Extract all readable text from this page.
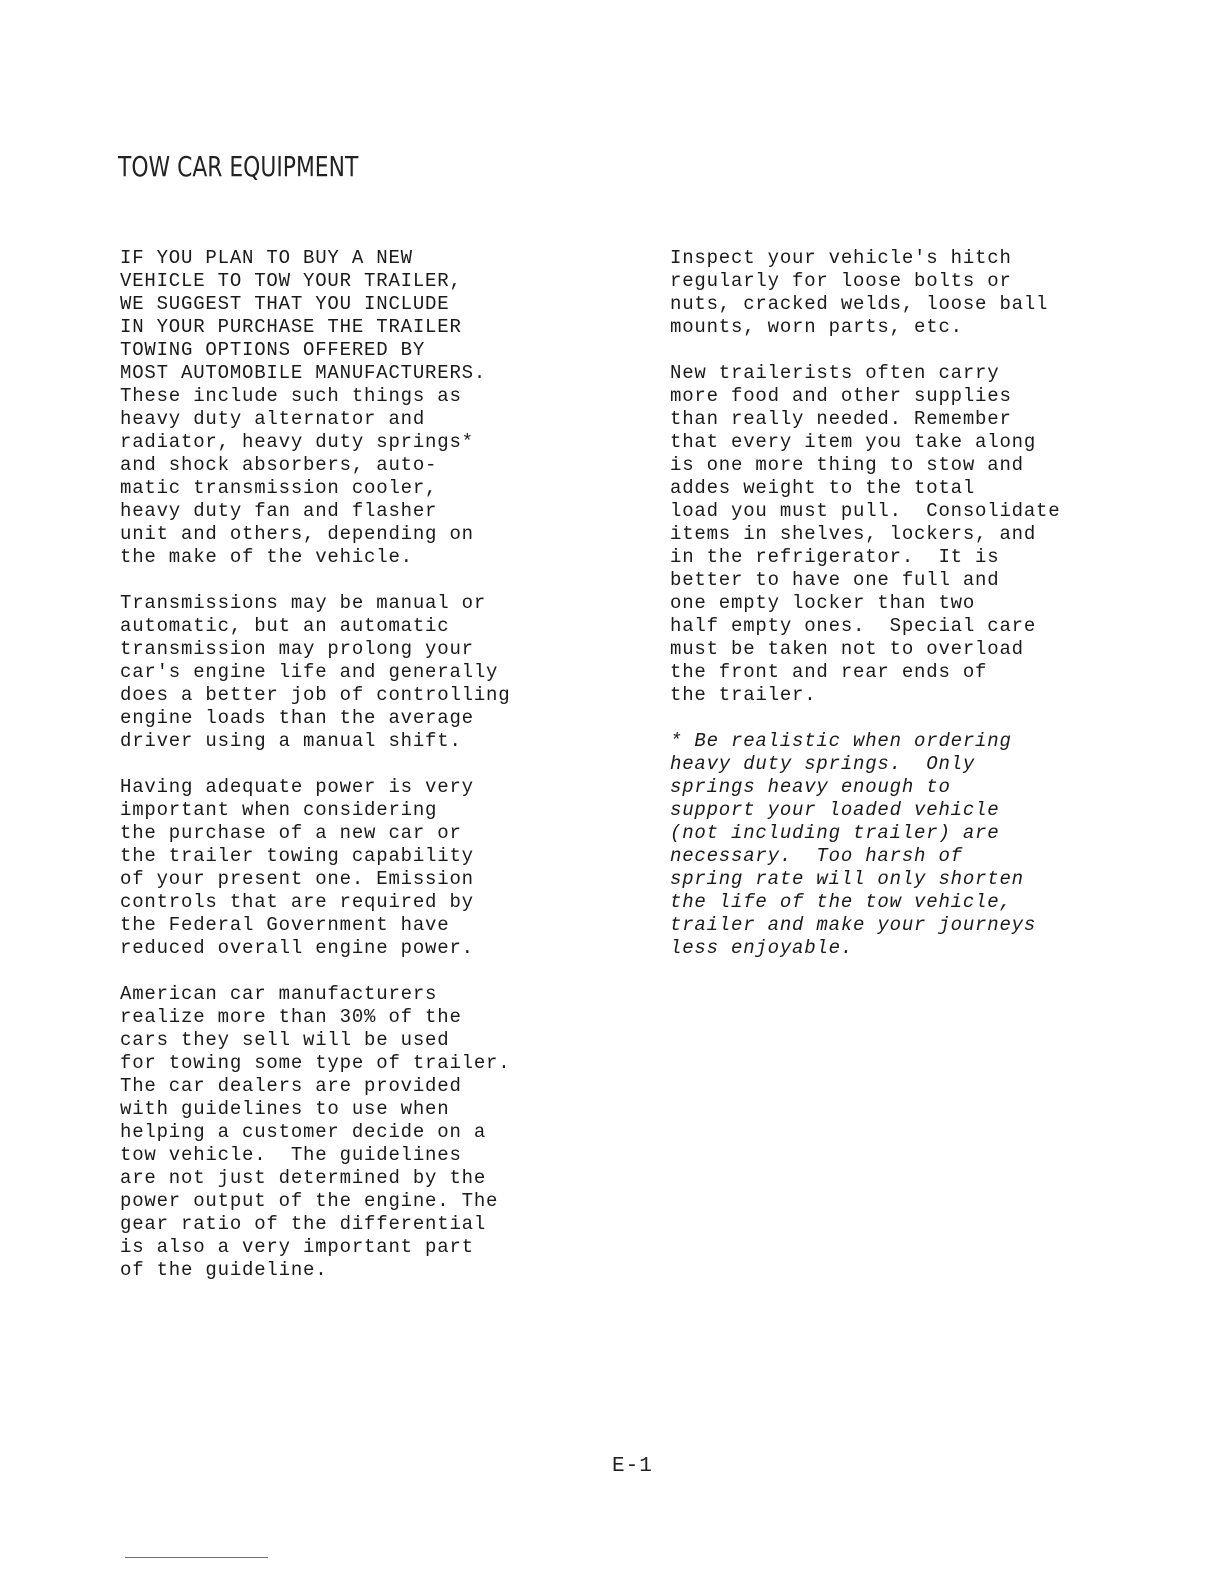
TOW CAR EQUIPMENT

IF YOU PLAN TO BUY A NEW
VEHICLE TO TOW YOUR TRAILER,
WE SUGGEST THAT YOU INCLUDE
IN YOUR PURCHASE THE TRAILER
TOWING OPTIONS OFFERED BY
MOST AUTOMOBILE MANUFACTURERS.
These include such things as
heavy duty alternator and
radiator, heavy duty springs*
and shock absorbers, auto-
matic transmission cooler,
heavy duty fan and flasher
unit and others, depending on
the make of the vehicle.

Transmissions may be manual or
automatic, but an automatic
transmission may prolong your
car's engine life and generally
does a better job of controlling
engine loads than the average
driver using a manual shift.

Having adequate power is very
important when considering
the purchase of a new car or
the trailer towing capability
of your present one. Emission
controls that are required by
the Federal Government have
reduced overall engine power.

American car manufacturers
realize more than 30% of the
cars they sell will be used
for towing some type of trailer.
The car dealers are provided
with guidelines to use when
helping a customer decide on a
tow vehicle.  The guidelines
are not just determined by the
power output of the engine. The
gear ratio of the differential
is also a very important part
of the guideline.

Inspect your vehicle's hitch
regularly for loose bolts or
nuts, cracked welds, loose ball
mounts, worn parts, etc.

New trailerists often carry
more food and other supplies
than really needed. Remember
that every item you take along
is one more thing to stow and
addes weight to the total
load you must pull.  Consolidate
items in shelves, lockers, and
in the refrigerator.  It is
better to have one full and
one empty locker than two
half empty ones.  Special care
must be taken not to overload
the front and rear ends of
the trailer.

* Be realistic when ordering
heavy duty springs.  Only
springs heavy enough to
support your loaded vehicle
(not including trailer) are
necessary.  Too harsh of
spring rate will only shorten
the life of the tow vehicle,
trailer and make your journeys
less enjoyable.

E-1
